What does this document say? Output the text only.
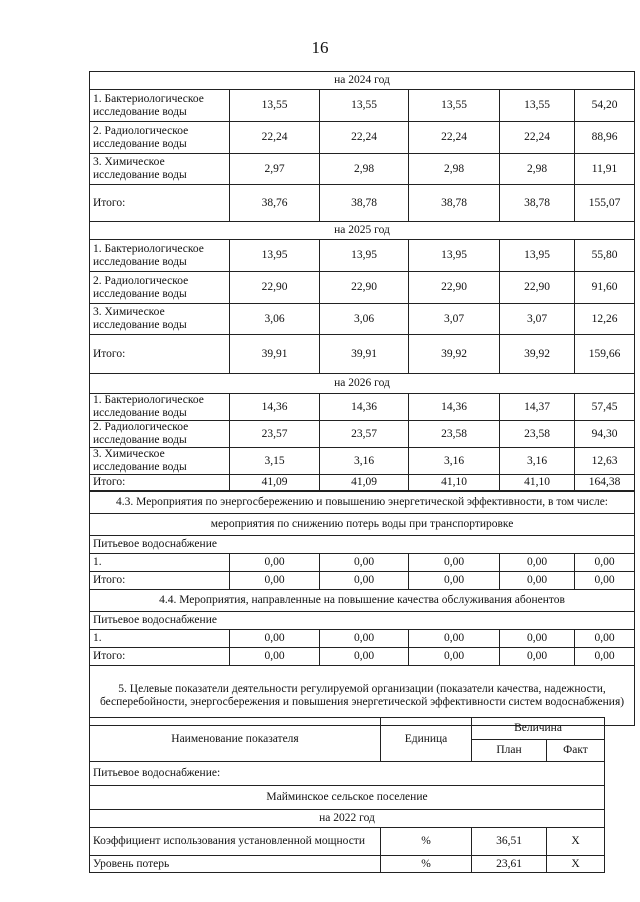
16
на 2024 год					
1. Бактериологическое исследование воды	13,55	13,55	13,55	13,55	54,20
2. Радиологическое исследование воды	22,24	22,24	22,24	22,24	88,96
3. Химическое исследование воды	2,97	2,98	2,98	2,98	11,91
Итого:	38,76	38,78	38,78	38,78	155,07
на 2025 год					
1. Бактериологическое исследование воды	13,95	13,95	13,95	13,95	55,80
2. Радиологическое исследование воды	22,90	22,90	22,90	22,90	91,60
3. Химическое исследование воды	3,06	3,06	3,07	3,07	12,26
Итого:	39,91	39,91	39,92	39,92	159,66
на 2026 год					
1. Бактериологическое исследование воды	14,36	14,36	14,36	14,37	57,45
2. Радиологическое исследование воды	23,57	23,57	23,58	23,58	94,30
3. Химическое исследование воды	3,15	3,16	3,16	3,16	12,63
Итого:	41,09	41,09	41,10	41,10	164,38
4.3. Мероприятия по энергосбережению и повышению энергетической эффективности, в том числе:					
мероприятия по снижению потерь воды при транспортировке					
Питьевое водоснабжение					
1.	0,00	0,00	0,00	0,00	0,00
Итого:	0,00	0,00	0,00	0,00	0,00
4.4. Мероприятия, направленные на повышение качества обслуживания абонентов					
Питьевое водоснабжение					
1.	0,00	0,00	0,00	0,00	0,00
Итого:	0,00	0,00	0,00	0,00	0,00
5. Целевые показатели деятельности регулируемой организации (показатели качества, надежности, бесперебойности, энергосбережения и повышения энергетической эффективности систем водоснабжения)					
Наименование показателя	Единица	Величина	
		План	Факт
Питьевое водоснабжение:			
Майминское сельское поселение			
на 2022 год			
Коэффициент использования установленной мощности	%	36,51	Х
Уровень потерь	%	23,61	Х
